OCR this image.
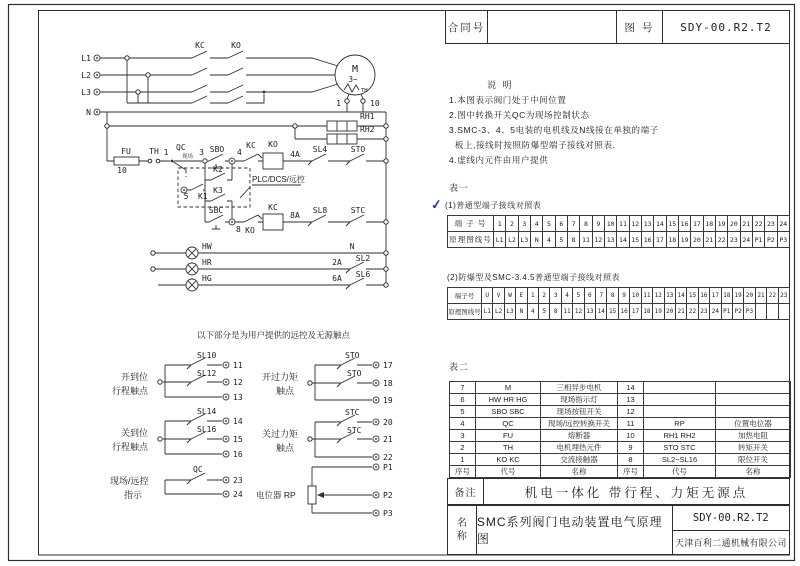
L1
L2
L3
N
KC	KO
M
3~
TH
1	10
RH1
RH2
FU
10
TH 1
QC
现场 3 SBO 4
K2
K3
5 K1
PLC/DCS/远控
KC KO
4A
SL4	STO
SBC
8 KO
KC
8A
SL8	STC
HW
HR
HG
N
2A SL2
6A SL6
以下部分是为用户提供的远控及无源触点
开到位
行程触点
SL10
11
SL12
12
13
开过力矩
触点
关到位
行程触点
SL14
14
SL16
15
16
关过力矩
触点
STO
17
STO
18
19
STC
20
STC
21
22
现场/远控
指示
QC
23
24 电位器 RP
P1
P2
P3
合同号	图 号	SDY-00.R2.T2
说 明
1.本图表示阀门处于中间位置
2.图中转换开关QC为现场控制状态
3.SMC-3、4、5电装的电机线及N线接在单独的端子
板上,接线时按照防爆型端子接线对照表.
4.虚线内元件由用户提供
表一
✓ (1)普通型端子接线对照表
端 子 号	1	2	3	4	5	6	7	8	9	10	11	12	13	14	15	16	17	18	19	20	21	22	23	24
原理图线号	L1	L2	L3	N	4	5	8	11	12	13	14	15	16	17	18	19	20	21	22	23	24	P1	P2	P3
(2)防爆型及SMC-3.4.5普通型端子接线对照表
端子号	U	V	W	E	1	2	3	4	5	6	7	8	9	10	11	12	13	14	15	16	17	18	19	20	21	22	23
原理图线号	L1	L2	L3	N	4	5	8	11	12	13	14	15	16	17	18	19	20	21	22	23	24	P1	P2	P3			
表二
7	M	三相异步电机	14		
6	HW HR HG	现场指示灯	13		
5	SBO SBC	现场按钮开关	12		
4	QC	现场/远控转换开关	11	RP	位置电位器
3	FU	熔断器	10	RH1 RH2	加热电阻
2	TH	电机埋热元件	9	STO STC	转矩开关
1	KO KC	交流接触器	8	SL2~SL16	限位开关
序号	代号	名称	序号	代号	名称
备注	机电一体化 带行程、力矩无源点
名称
SMC系列阀门电动装置电气原理图
SDY-00.R2.T2
天津百利二通机械有限公司
